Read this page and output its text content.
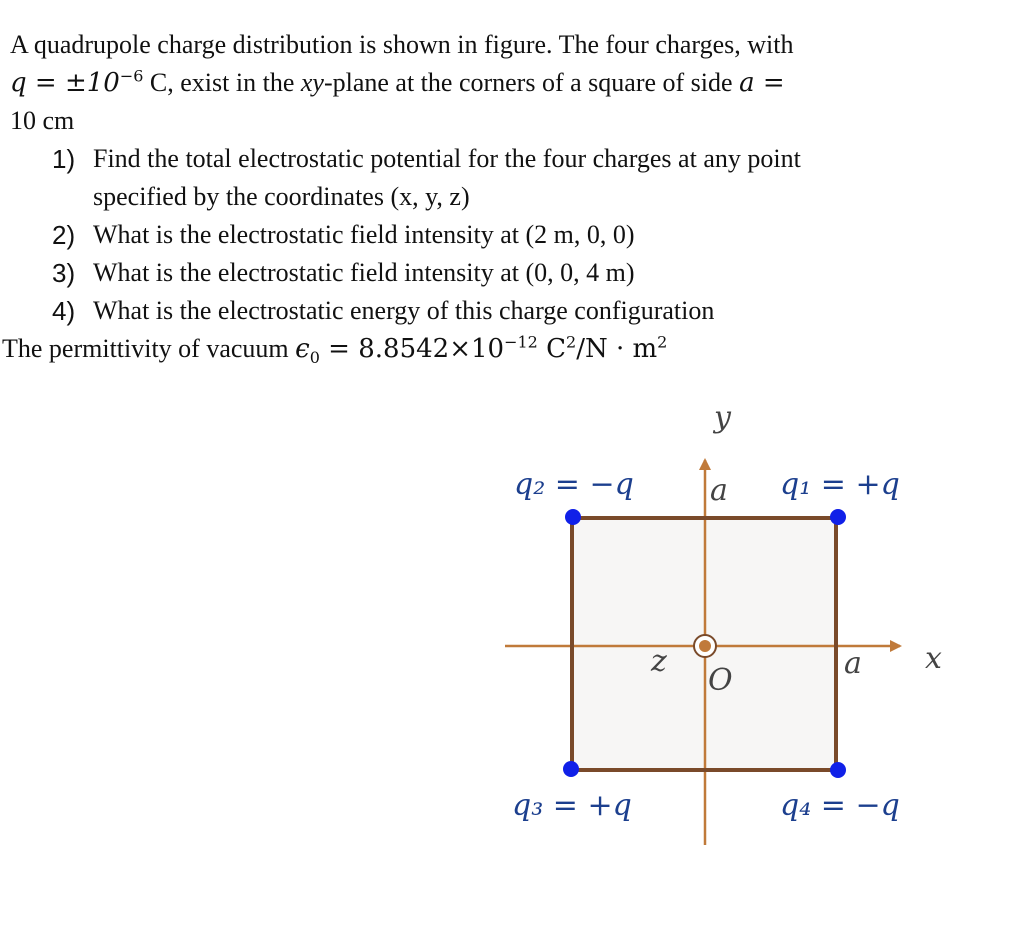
A quadrupole charge distribution is shown in figure. The four charges, with
$q = \pm 10^{-6}$ C, exist in the xy-plane at the corners of a square of side a =
10 cm
1) Find the total electrostatic potential for the four charges at any point
specified by the coordinates (x, y, z)
2) What is the electrostatic field intensity at (2 m, 0, 0)
3) What is the electrostatic field intensity at (0, 0, 4 m)
4) What is the electrostatic energy of this charge configuration
The permittivity of vacuum $\epsilon_0 = 8.8542\times 10^{-12}$ $C^2/N \cdot m^2$
y
x
z
O
a
a
q₁ = +q
q₂ = −q
q₃ = +q	q₄ = −q
